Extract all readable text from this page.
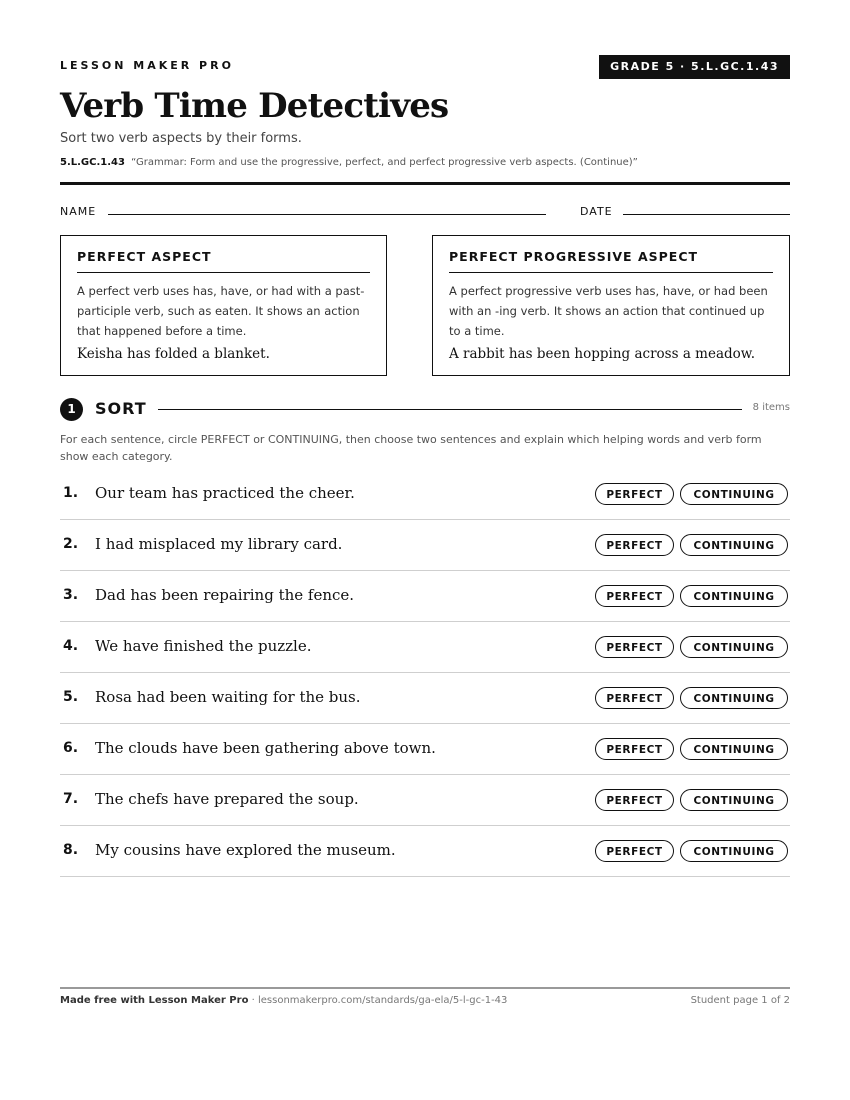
LESSON MAKER PRO	GRADE 5 · 5.L.GC.1.43
Verb Time Detectives
Sort two verb aspects by their forms.
5.L.GC.1.43 “Grammar: Form and use the progressive, perfect, and perfect progressive verb aspects. (Continue)”
NAME	DATE
PERFECT ASPECT
A perfect verb uses has, have, or had with a past-participle verb, such as eaten. It shows an action that happened before a time.
Keisha has folded a blanket.
PERFECT PROGRESSIVE ASPECT
A perfect progressive verb uses has, have, or had been with an -ing verb. It shows an action that continued up to a time.
A rabbit has been hopping across a meadow.
1	SORT	8 items
For each sentence, circle PERFECT or CONTINUING, then choose two sentences and explain which helping words and verb form show each category.
1. Our team has practiced the cheer.	PERFECT	CONTINUING
2. I had misplaced my library card.	PERFECT	CONTINUING
3. Dad has been repairing the fence.	PERFECT	CONTINUING
4. We have finished the puzzle.	PERFECT	CONTINUING
5. Rosa had been waiting for the bus.	PERFECT	CONTINUING
6. The clouds have been gathering above town.	PERFECT	CONTINUING
7. The chefs have prepared the soup.	PERFECT	CONTINUING
8. My cousins have explored the museum.	PERFECT	CONTINUING
Made free with Lesson Maker Pro · lessonmakerpro.com/standards/ga-ela/5-l-gc-1-43	Student page 1 of 2
